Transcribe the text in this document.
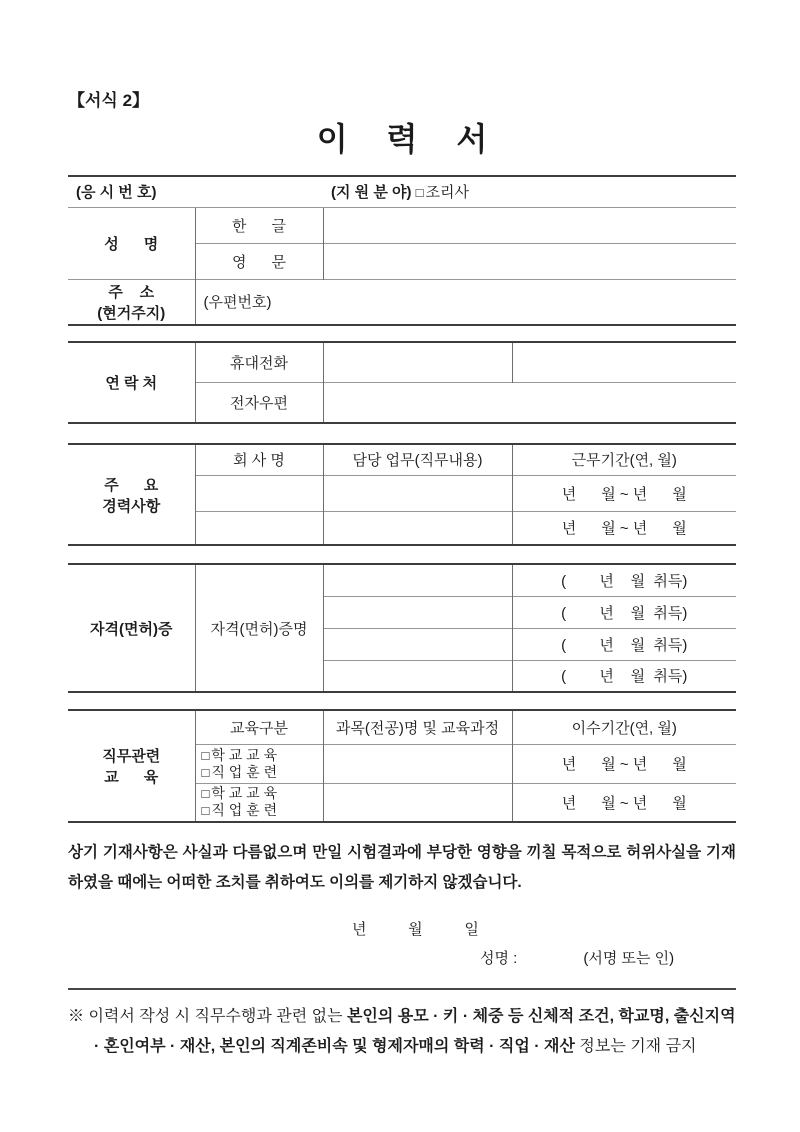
【서식 2】
이 력 서
(응 시 번 호)		(지 원 분 야) □ 조리사
성      명	한      글	
	영      문	

주    소
(현거주지)	(우편번호)	
연 락 처	휴대전화		
	전자우편		
주      요
경력사항	회 사 명	담당 업무(직무내용)	근무기간(연, 월)
			년      월 ~ 년      월
			년      월 ~ 년      월
자격(면허)증	자격(면허)증명		(        년    월  취득)
			(        년    월  취득)
			(        년    월  취득)
			(        년    월  취득)
직무관련
교      육	교육구분	과목(전공)명 및 교육과정	이수기간(연, 월)

	□ 학 교 교 육
□ 직 업 훈 련		년      월 ~ 년      월

	□ 학 교 교 육
□ 직 업 훈 련		년      월 ~ 년      월
상기 기재사항은 사실과 다름없으며 만일 시험결과에 부당한 영향을 끼칠 목적으로 허위사실을 기재하였을 때에는 어떠한 조치를 취하여도 이의를 제기하지 않겠습니다.
년          월          일
성명 :	(서명 또는 인)
※ 이력서 작성 시 직무수행과 관련 없는 본인의 용모 · 키 · 체중 등 신체적 조건, 학교명, 출신지역 · 혼인여부 · 재산, 본인의 직계존비속 및 형제자매의 학력 · 직업 · 재산 정보는 기재 금지
